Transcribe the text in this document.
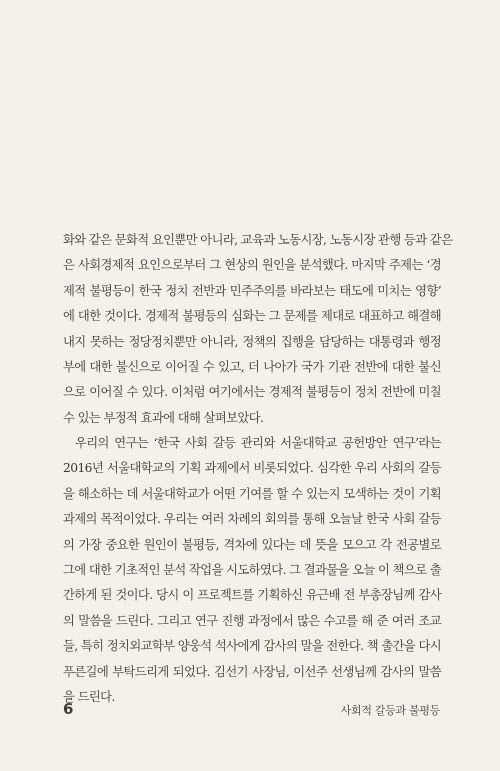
화와 같은 문화적 요인뿐만 아니라, 교육과 노동시장, 노동시장 관행 등과 같은
은 사회경제적 요인으로부터 그 현상의 원인을 분석했다. 마지막 주제는 ‘경
제적 불평등이 한국 정치 전반과 민주주의를 바라보는 태도에 미치는 영향’
에 대한 것이다. 경제적 불평등의 심화는 그 문제를 제대로 대표하고 해결해
내지 못하는 정당정치뿐만 아니라, 정책의 집행을 담당하는 대통령과 행정
부에 대한 불신으로 이어질 수 있고, 더 나아가 국가 기관 전반에 대한 불신
으로 이어질 수 있다. 이처럼 여기에서는 경제적 불평등이 정치 전반에 미칠
수 있는 부정적 효과에 대해 살펴보았다.
우리의 연구는 ‘한국 사회 갈등 관리와 서울대학교 공헌방안 연구’라는
2016년 서울대학교의 기획 과제에서 비롯되었다. 심각한 우리 사회의 갈등
을 해소하는 데 서울대학교가 어떤 기여를 할 수 있는지 모색하는 것이 기획
과제의 목적이었다. 우리는 여러 차례의 회의를 통해 오늘날 한국 사회 갈등
의 가장 중요한 원인이 불평등, 격차에 있다는 데 뜻을 모으고 각 전공별로
그에 대한 기초적인 분석 작업을 시도하였다. 그 결과물을 오늘 이 책으로 출
간하게 된 것이다. 당시 이 프로젝트를 기획하신 유근배 전 부총장님께 감사
의 말씀을 드린다. 그리고 연구 진행 과정에서 많은 수고를 해 준 여러 조교
들, 특히 정치외교학부 양웅석 석사에게 감사의 말을 전한다. 책 출간을 다시
푸른길에 부탁드리게 되었다. 김선기 사장님, 이선주 선생님께 감사의 말씀
을 드린다.
6	사회적 갈등과 불평등
